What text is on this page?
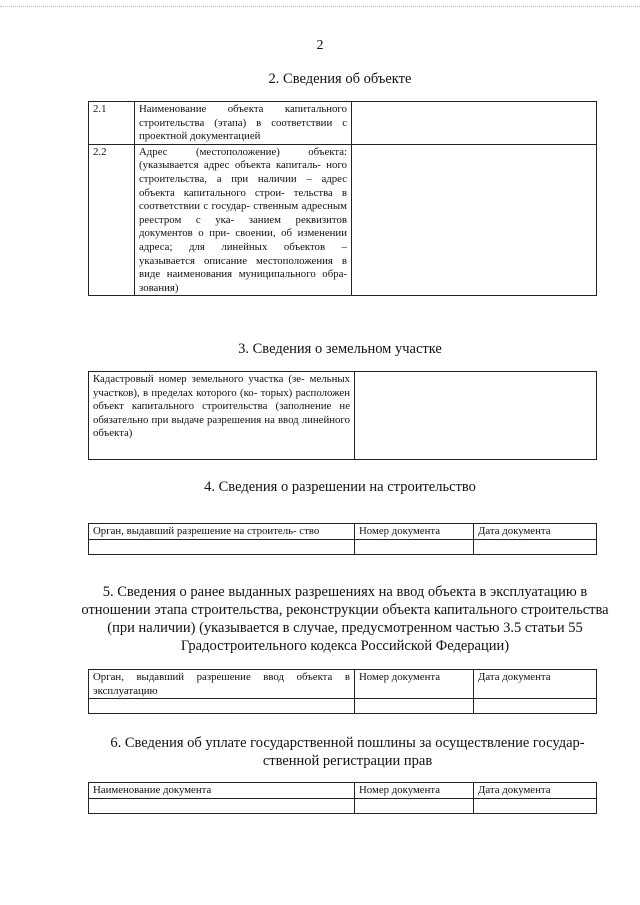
2
2. Сведения об объекте
2.1	Наименование объекта капитального строительства (этапа) в соответствии с проектной документацией	
2.2	Адрес (местоположение) объекта: (указывается адрес объекта капиталь- ного строительства, а при наличии – адрес объекта капитального строи- тельства в соответствии с государ- ственным адресным реестром с ука- занием реквизитов документов о при- своении, об изменении адреса; для линейных объектов – указывается описание местоположения в виде наименования муниципального обра- зования)	
3. Сведения о земельном участке
Кадастровый номер земельного участка (зе- мельных участков), в пределах которого (ко- торых) расположен объект капитального строительства (заполнение не обязательно при выдаче разрешения на ввод линейного объекта)	
4. Сведения о разрешении на строительство
Орган, выдавший разрешение на строитель- ство	Номер документа	Дата документа

5. Сведения о ранее выданных разрешениях на ввод объекта в эксплуатацию в отношении этапа строительства, реконструкции объекта капитального строительства (при наличии) (указывается в случае, предусмотренном частью 3.5 статьи 55 Градостроительного кодекса Российской Федерации)
Орган, выдавший разрешение ввод объекта в эксплуатацию	Номер документа	Дата документа

6. Сведения об уплате государственной пошлины за осуществление государ- ственной регистрации прав
Наименование документа	Номер документа	Дата документа
